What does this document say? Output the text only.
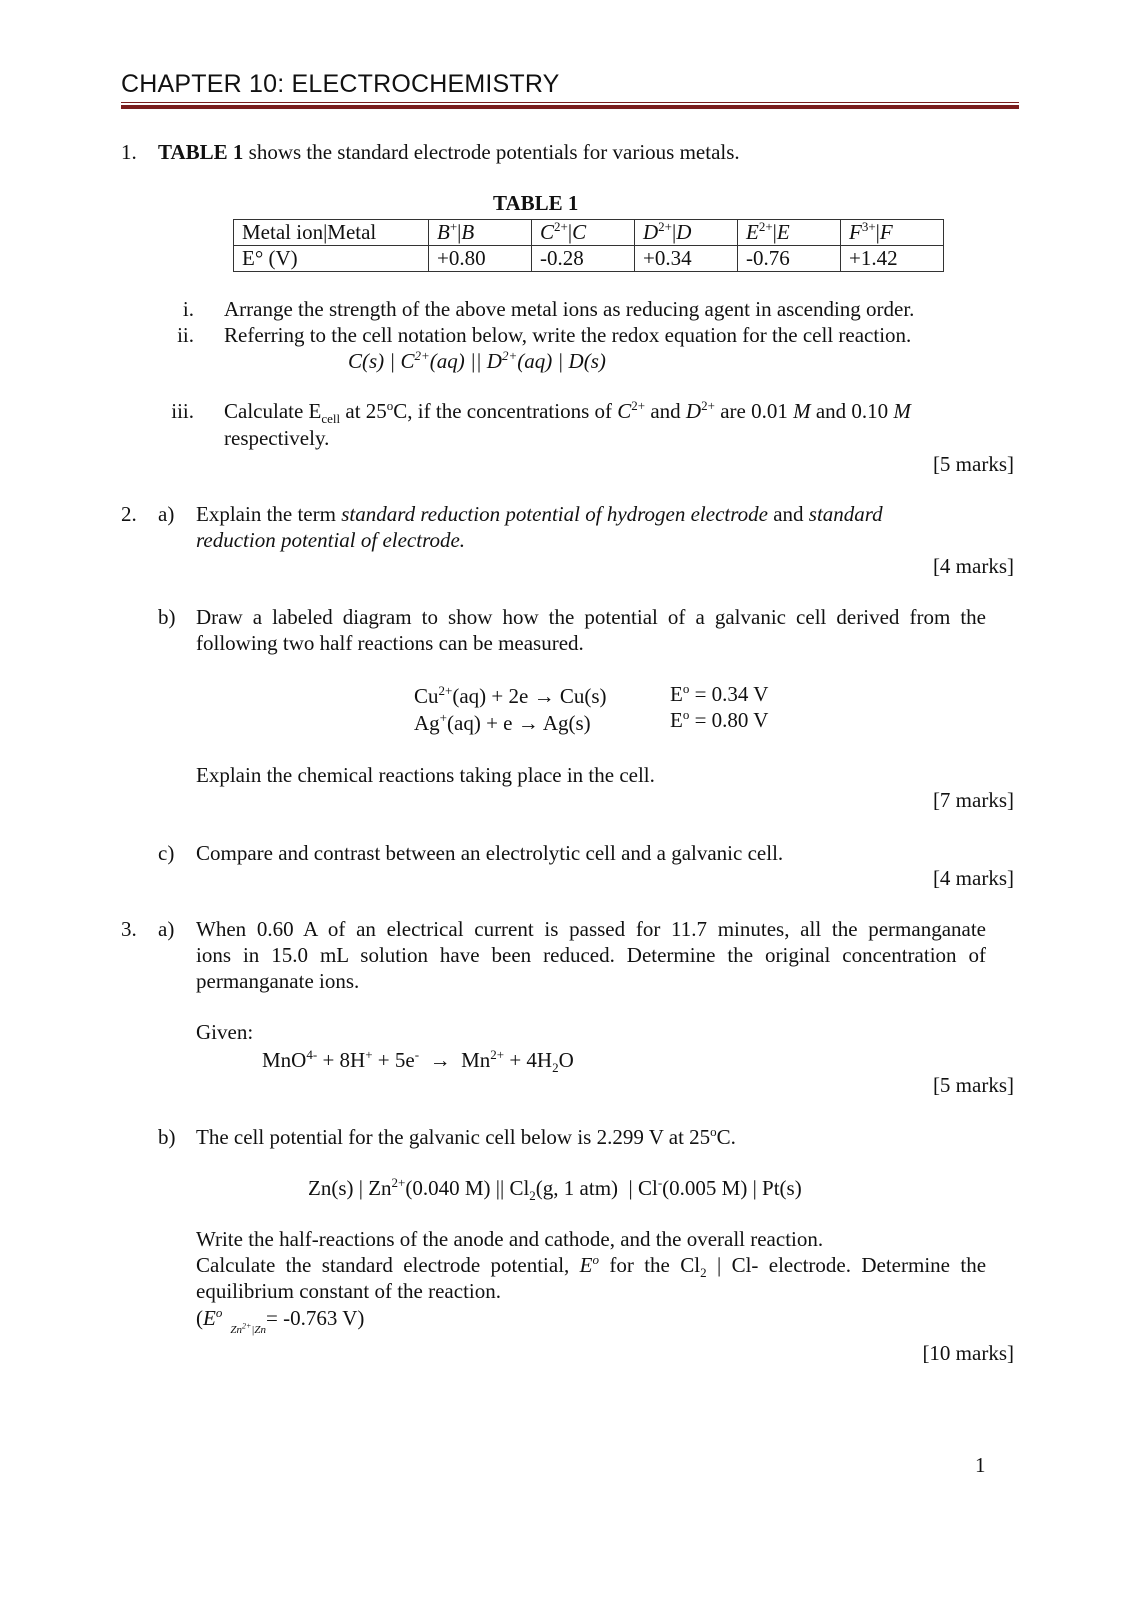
CHAPTER 10: ELECTROCHEMISTRY
1. TABLE 1 shows the standard electrode potentials for various metals.
TABLE 1
Metal ion|Metal	B+|B	$C^{2+}|C$	$D^{2+}|D$	$E^{2+}|E$	$F^{3+}|F$
E° (V)	+0.80	-0.28	+0.34	-0.76	+1.42
i. Arrange the strength of the above metal ions as reducing agent in ascending order.
ii. Referring to the cell notation below, write the redox equation for the cell reaction.
C(s) | $C^{2+}(aq)$ || $D^{2+}(aq)$ | D(s)
iii. Calculate $E_{cell}$ at 25$^o$C, if the concentrations of $C^{2+}$ and $D^{2+}$ are 0.01 M and 0.10 M
respectively.
[5 marks]
2. a) Explain the term standard reduction potential of hydrogen electrode and standard
reduction potential of electrode.
[4 marks]
b) Draw a labeled diagram to show how the potential of a galvanic cell derived from the
following two half reactions can be measured.
$Cu^{2+}(aq) + 2e \to Cu(s)$	$E^o = 0.34$ V
Ag+(aq) + e → Ag(s)	$E^o = 0.80$ V
Explain the chemical reactions taking place in the cell.
[7 marks]
c) Compare and contrast between an electrolytic cell and a galvanic cell.
[4 marks]
3. a) When 0.60 A of an electrical current is passed for 11.7 minutes, all the permanganate
ions in 15.0 mL solution have been reduced. Determine the original concentration of
permanganate ions.
Given:
$MnO^{4-} + 8H^+ + 5e^- \to Mn^{2+} + 4H_2O$
[5 marks]
b) The cell potential for the galvanic cell below is 2.299 V at 25$^o$C.
Zn(s) | $Zn^{2+}(0.040$ M) || $Cl_2(g$, 1 atm)  | Cl-(0.005 M) | Pt(s)
Write the half-reactions of the anode and cathode, and the overall reaction.
Calculate the standard electrode potential, $E^o$ for the $Cl_2$ | Cl- electrode. Determine the
equilibrium constant of the reaction.
($E^o_{Zn^{2+}|Zn}= -0.763$ V)
[10 marks]
1
